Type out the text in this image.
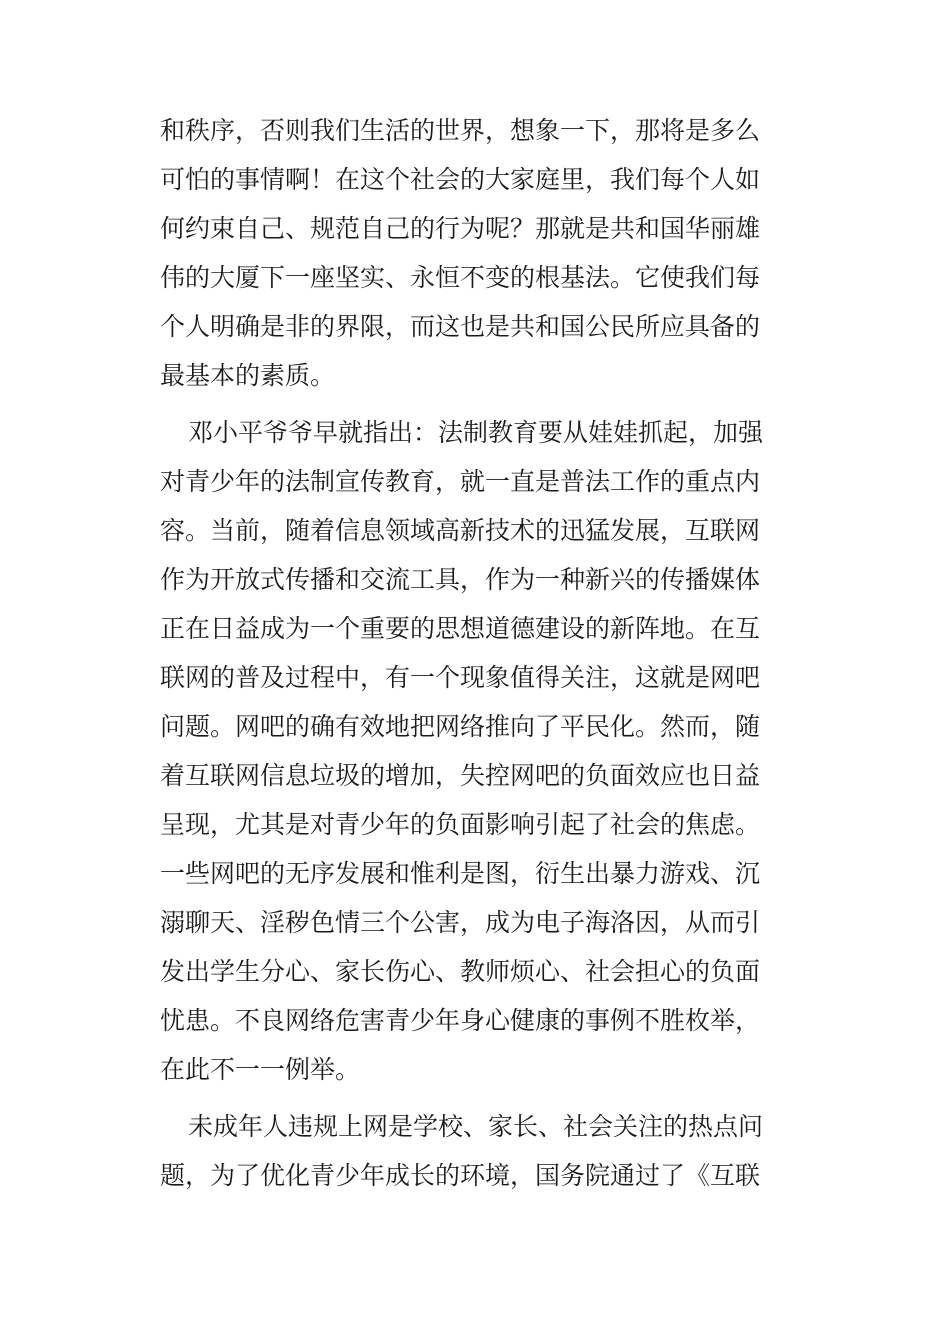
和秩序，否则我们生活的世界，想象一下，那将是多么
可怕的事情啊！在这个社会的大家庭里，我们每个人如
何约束自己、规范自己的行为呢？那就是共和国华丽雄
伟的大厦下一座坚实、永恒不变的根基法。它使我们每
个人明确是非的界限，而这也是共和国公民所应具备的
最基本的素质。
邓小平爷爷早就指出：法制教育要从娃娃抓起，加强
对青少年的法制宣传教育，就一直是普法工作的重点内
容。当前，随着信息领域高新技术的迅猛发展，互联网
作为开放式传播和交流工具，作为一种新兴的传播媒体
正在日益成为一个重要的思想道德建设的新阵地。在互
联网的普及过程中，有一个现象值得关注，这就是网吧
问题。网吧的确有效地把网络推向了平民化。然而，随
着互联网信息垃圾的增加，失控网吧的负面效应也日益
呈现，尤其是对青少年的负面影响引起了社会的焦虑。
一些网吧的无序发展和惟利是图，衍生出暴力游戏、沉
溺聊天、淫秽色情三个公害，成为电子海洛因，从而引
发出学生分心、家长伤心、教师烦心、社会担心的负面
忧患。不良网络危害青少年身心健康的事例不胜枚举，
在此不一一例举。
未成年人违规上网是学校、家长、社会关注的热点问
题，为了优化青少年成长的环境，国务院通过了《互联
